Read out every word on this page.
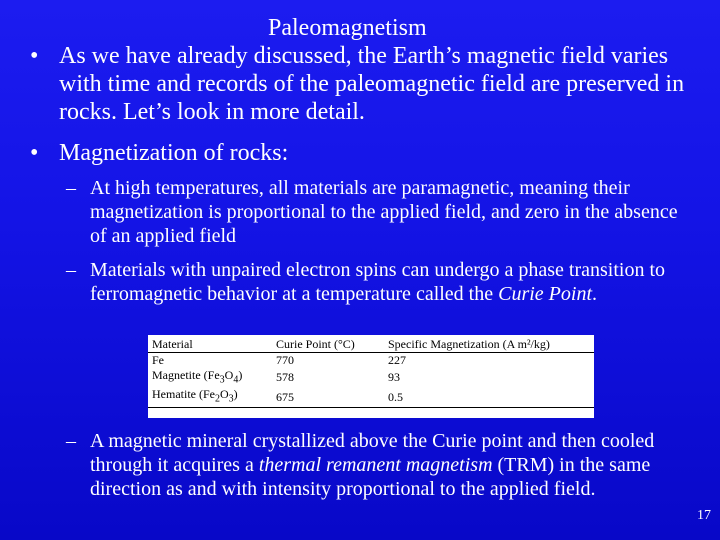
Paleomagnetism
• As we have already discussed, the Earth’s magnetic field varies with time and records of the paleomagnetic field are preserved in rocks. Let’s look in more detail.
• Magnetization of rocks:
– At high temperatures, all materials are paramagnetic, meaning their magnetization is proportional to the applied field, and zero in the absence of an applied field
– Materials with unpaired electron spins can undergo a phase transition to ferromagnetic behavior at a temperature called the Curie Point.
Material	Curie Point (°C)	Specific Magnetization (A m²/kg)
Fe	770	227
Magnetite $(Fe_3O_4)$	578	93
Hematite $(Fe_2O_3)$	675	0.5
– A magnetic mineral crystallized above the Curie point and then cooled through it acquires a thermal remanent magnetism (TRM) in the same direction as and with intensity proportional to the applied field.
17
